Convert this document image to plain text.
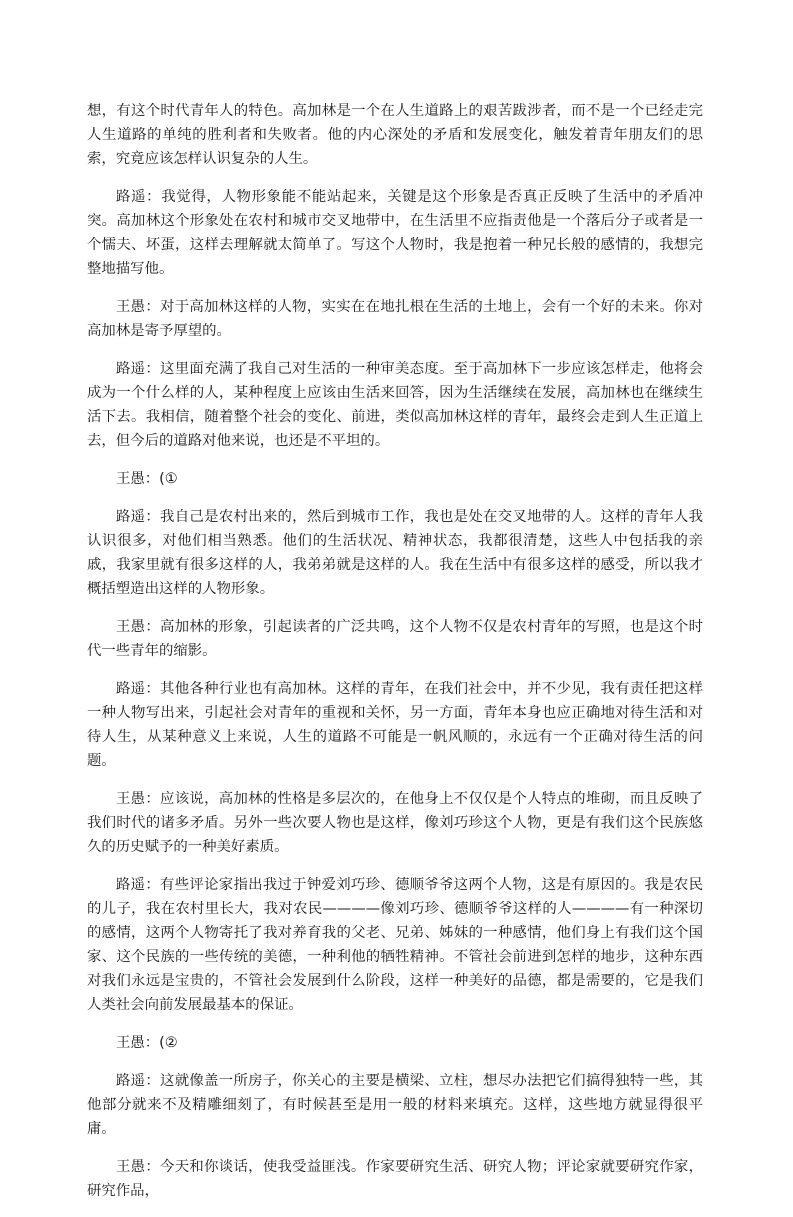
想，有这个时代青年人的特色。高加林是一个在人生道路上的艰苦跋涉者，而不是一个已经走完人生道路的单纯的胜利者和失败者。他的内心深处的矛盾和发展变化，触发着青年朋友们的思索，究竟应该怎样认识复杂的人生。

路遥：我觉得，人物形象能不能站起来，关键是这个形象是否真正反映了生活中的矛盾冲突。高加林这个形象处在农村和城市交叉地带中，在生活里不应指责他是一个落后分子或者是一个懦夫、坏蛋，这样去理解就太简单了。写这个人物时，我是抱着一种兄长般的感情的，我想完整地描写他。

王愚：对于高加林这样的人物，实实在在地扎根在生活的土地上，会有一个好的未来。你对高加林是寄予厚望的。

路遥：这里面充满了我自己对生活的一种审美态度。至于高加林下一步应该怎样走，他将会成为一个什么样的人，某种程度上应该由生活来回答，因为生活继续在发展，高加林也在继续生活下去。我相信，随着整个社会的变化、前进，类似高加林这样的青年，最终会走到人生正道上去，但今后的道路对他来说，也还是不平坦的。

王愚：(①

路遥：我自己是农村出来的，然后到城市工作，我也是处在交叉地带的人。这样的青年人我认识很多，对他们相当熟悉。他们的生活状况、精神状态，我都很清楚，这些人中包括我的亲戚，我家里就有很多这样的人，我弟弟就是这样的人。我在生活中有很多这样的感受，所以我才概括塑造出这样的人物形象。

王愚：高加林的形象，引起读者的广泛共鸣，这个人物不仅是农村青年的写照，也是这个时代一些青年的缩影。

路遥：其他各种行业也有高加林。这样的青年，在我们社会中，并不少见，我有责任把这样一种人物写出来，引起社会对青年的重视和关怀，另一方面，青年本身也应正确地对待生活和对待人生，从某种意义上来说，人生的道路不可能是一帆风顺的，永远有一个正确对待生活的问题。

王愚：应该说，高加林的性格是多层次的，在他身上不仅仅是个人特点的堆砌，而且反映了我们时代的诸多矛盾。另外一些次要人物也是这样，像刘巧珍这个人物，更是有我们这个民族悠久的历史赋予的一种美好素质。

路遥：有些评论家指出我过于钟爱刘巧珍、德顺爷爷这两个人物，这是有原因的。我是农民的儿子，我在农村里长大，我对农民————像刘巧珍、德顺爷爷这样的人————有一种深切的感情，这两个人物寄托了我对养育我的父老、兄弟、姊妹的一种感情，他们身上有我们这个国家、这个民族的一些传统的美德，一种利他的牺牲精神。不管社会前进到怎样的地步，这种东西对我们永远是宝贵的，不管社会发展到什么阶段，这样一种美好的品德，都是需要的，它是我们人类社会向前发展最基本的保证。

王愚：(②

路遥：这就像盖一所房子，你关心的主要是横梁、立柱，想尽办法把它们搞得独特一些，其他部分就来不及精雕细刻了，有时候甚至是用一般的材料来填充。这样，这些地方就显得很平庸。

王愚：今天和你谈话，使我受益匪浅。作家要研究生活、研究人物；评论家就要研究作家，研究作品，
